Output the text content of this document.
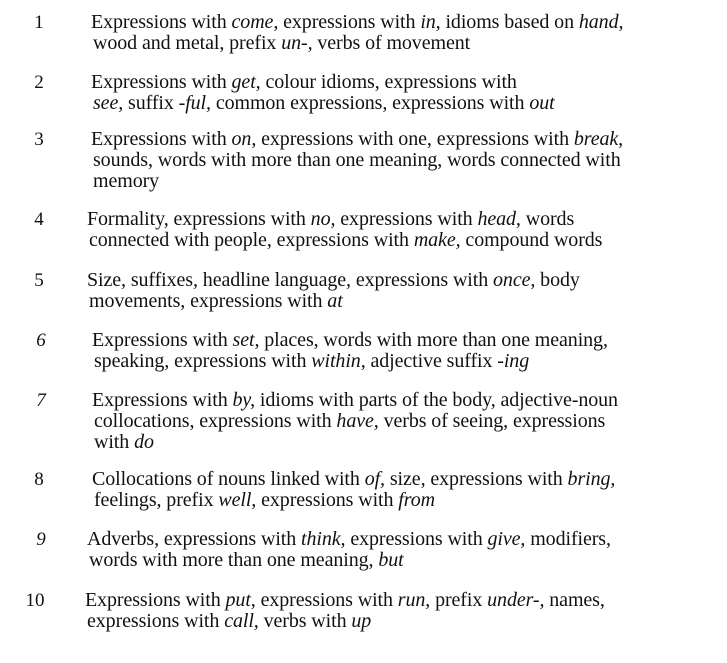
1	Expressions with come, expressions with in, idioms based on hand,
wood and metal, prefix un-, verbs of movement
2	Expressions with get, colour idioms, expressions with
see, suffix -ful, common expressions, expressions with out
3	Expressions with on, expressions with one, expressions with break,
sounds, words with more than one meaning, words connected with
memory
4	Formality, expressions with no, expressions with head, words
connected with people, expressions with make, compound words
5	Size, suffixes, headline language, expressions with once, body
movements, expressions with at
6	Expressions with set, places, words with more than one meaning,
speaking, expressions with within, adjective suffix -ing
7	Expressions with by, idioms with parts of the body, adjective-noun
collocations, expressions with have, verbs of seeing, expressions
with do
8	Collocations of nouns linked with of, size, expressions with bring,
feelings, prefix well, expressions with from
9	Adverbs, expressions with think, expressions with give, modifiers,
words with more than one meaning, but
10	Expressions with put, expressions with run, prefix under-, names,
expressions with call, verbs with up
